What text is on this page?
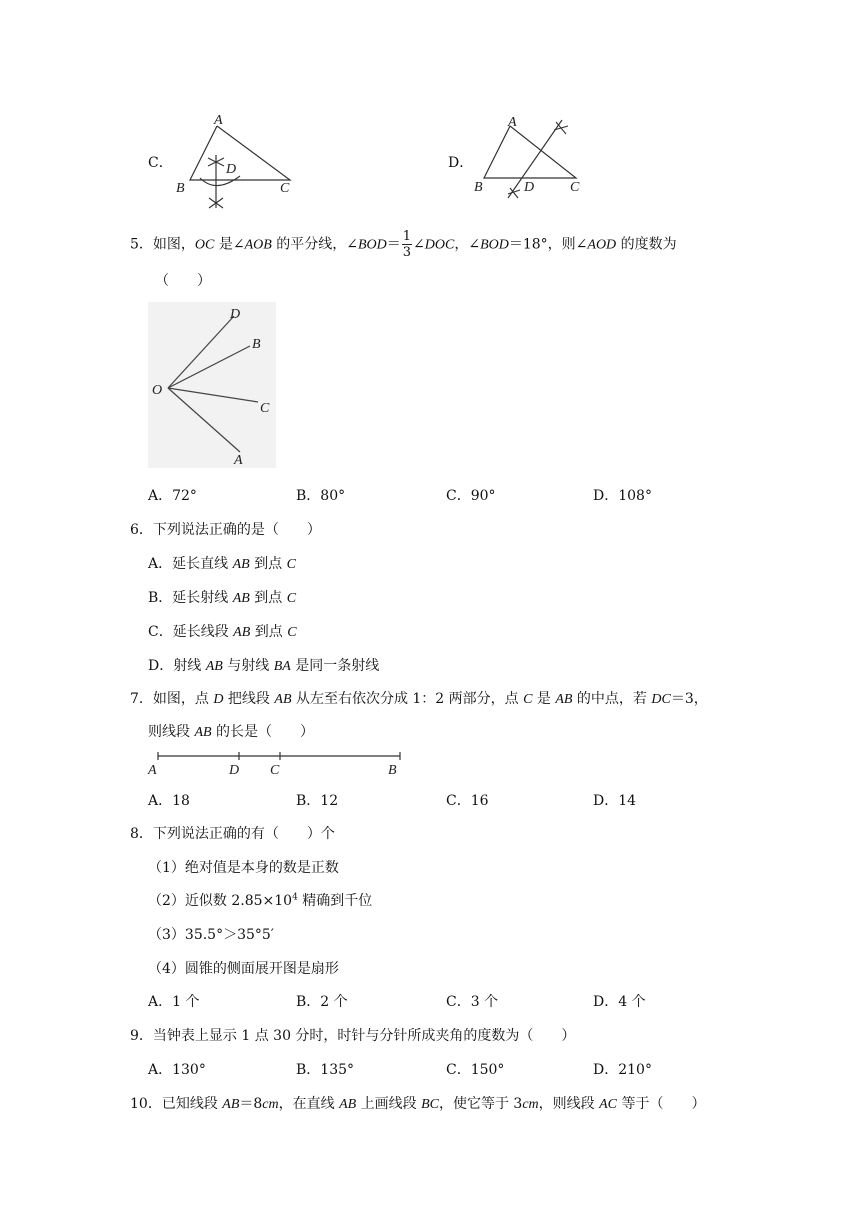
C．
A
B	C
D	D．
A
B	C
D
5．如图，OC 是∠AOB 的平分线，∠BOD＝ $\frac{1}{3}$ ∠DOC，∠BOD＝18°，则∠AOD 的度数为
（　　）
O
D
B
C
A
A．72°	B．80°	C．90°	D．108°
6．下列说法正确的是（　　）
A．延长直线 AB 到点 C
B．延长射线 AB 到点 C
C．延长线段 AB 到点 C
D．射线 AB 与射线 BA 是同一条射线
7．如图，点 D 把线段 AB 从左至右依次分成 1：2 两部分，点 C 是 AB 的中点，若 DC＝3，
则线段 AB 的长是（　　）
A	D C	B
A．18	B．12	C．16	D．14
8．下列说法正确的有（　　）个
（1）绝对值是本身的数是正数
（2）近似数 $2.85\times 10^4$ 精确到千位
（3）35.5°＞35°5′
（4）圆锥的侧面展开图是扇形
A．1 个	B．2 个	C．3 个	D．4 个
9．当钟表上显示 1 点 30 分时，时针与分针所成夹角的度数为（　　）
A．130°	B．135°	C．150°	D．210°
10．已知线段 AB＝8cm，在直线 AB 上画线段 BC，使它等于 3cm，则线段 AC 等于（　　）
